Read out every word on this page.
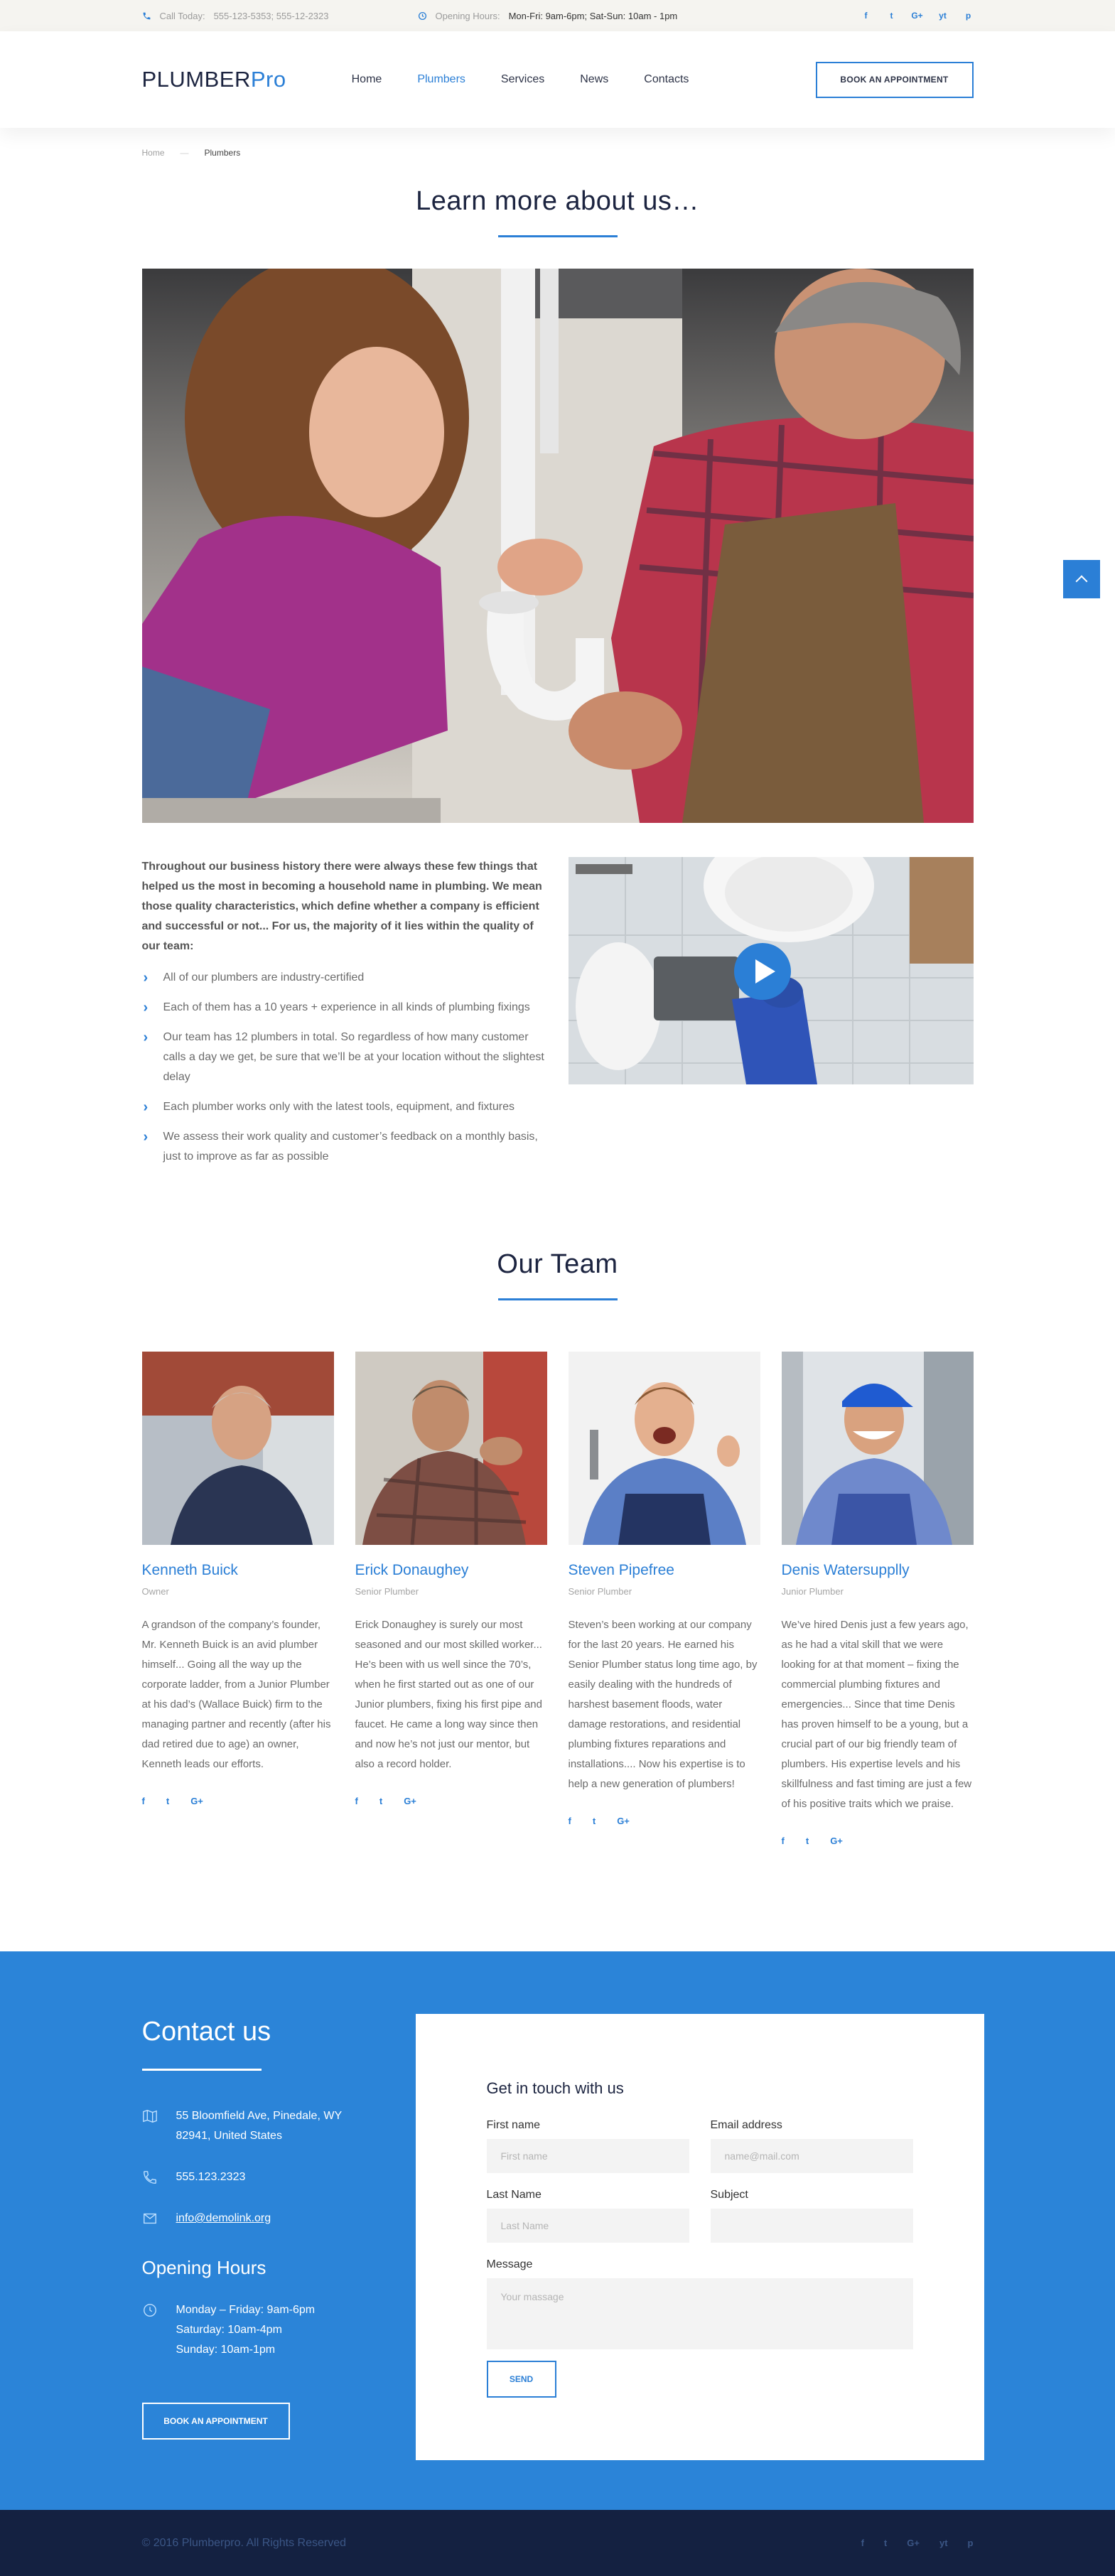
Call Today: 555-123-5353; 555-12-2323	Opening Hours: Mon-Fri: 9am-6pm; Sat-Sun: 10am - 1pm	f	t	G+ yt p
PLUMBERPro	Home	Plumbers	Services	News	Contacts	BOOK AN APPOINTMENT
Home — Plumbers
Learn more about us…

Throughout our business history there were always these few things that helped us the most in becoming a household name in plumbing. We mean those quality characteristics, which define whether a company is efficient and successful or not... For us, the majority of it lies within the quality of our team:

› All of our plumbers are industry-certified
› Each of them has a 10 years + experience in all kinds of plumbing fixings
› Our team has 12 plumbers in total. So regardless of how many customer calls a day we get, be sure that we’ll be at your location without the slightest delay
› Each plumber works only with the latest tools, equipment, and fixtures
› We assess their work quality and customer’s feedback on a monthly basis, just to improve as far as possible
Our Team
Kenneth Buick
Owner
A grandson of the company’s founder, Mr. Kenneth Buick is an avid plumber himself... Going all the way up the corporate ladder, from a Junior Plumber at his dad’s (Wallace Buick) firm to the managing partner and recently (after his dad retired due to age) an owner, Kenneth leads our efforts.
f t G+
Erick Donaughey
Senior Plumber
Erick Donaughey is surely our most seasoned and our most skilled worker... He’s been with us well since the 70’s, when he first started out as one of our Junior plumbers, fixing his first pipe and faucet. He came a long way since then and now he’s not just our mentor, but also a record holder.
f t G+
Steven Pipefree
Senior Plumber
Steven’s been working at our company for the last 20 years. He earned his Senior Plumber status long time ago, by easily dealing with the hundreds of harshest basement floods, water damage restorations, and residential plumbing fixtures reparations and installations.... Now his expertise is to help a new generation of plumbers!
f t G+
Denis Watersupplly
Junior Plumber
We’ve hired Denis just a few years ago, as he had a vital skill that we were looking for at that moment – fixing the commercial plumbing fixtures and emergencies... Since that time Denis has proven himself to be a young, but a crucial part of our big friendly team of plumbers. His expertise levels and his skillfulness and fast timing are just a few of his positive traits which we praise.
f t G+
Contact us
55 Bloomfield Ave, Pinedale, WY 82941, United States
555.123.2323
info@demolink.org
Opening Hours
Monday – Friday: 9am-6pm
Saturday: 10am-4pm
Sunday: 10am-1pm
BOOK AN APPOINTMENT
Get in touch with us
First name
First name
Email address
name@mail.com
Last Name
Last Name
Subject
Message
Your massage
SEND
© 2016 Plumberpro. All Rights Reserved	f t G+ yt p
